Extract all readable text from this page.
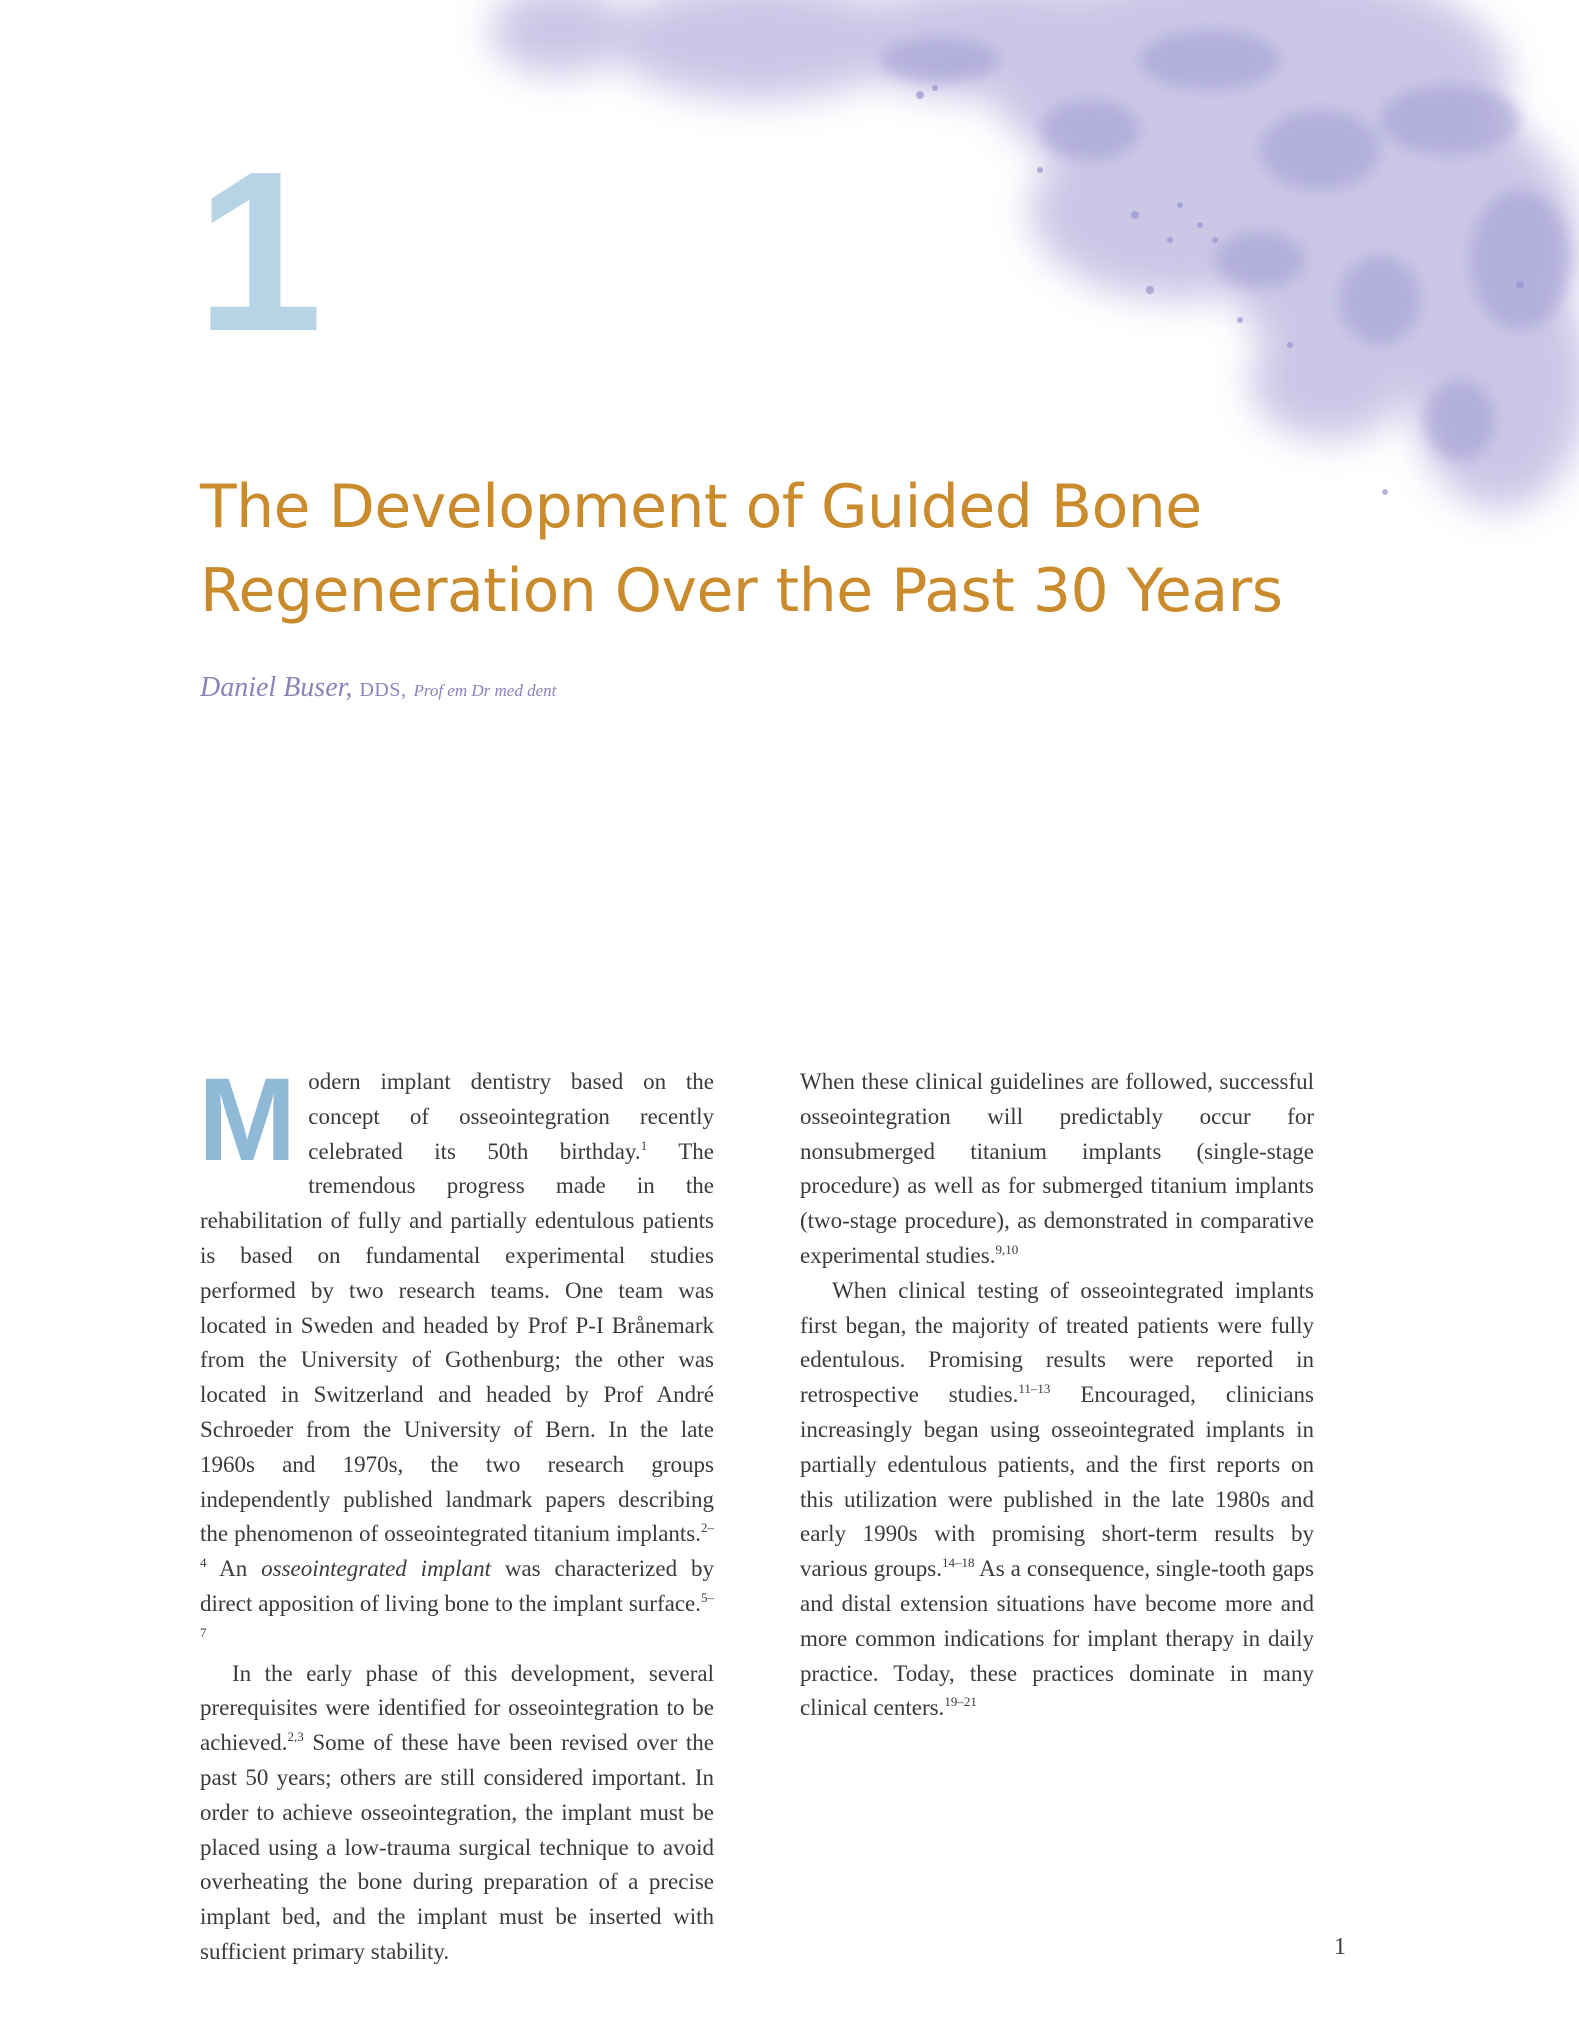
1
The Development of Guided Bone
Regeneration Over the Past 30 Years
Daniel Buser, DDS, Prof em Dr med dent

Modern implant dentistry based on the concept of osseointegration recently celebrated its 50th birthday.$^1$ The tremendous progress made in the rehabilitation of fully and partially edentulous patients is based on fundamental experimental studies performed by two research teams. One team was located in Sweden and headed by Prof P-I Brånemark from the University of Gothenburg; the other was located in Switzerland and headed by Prof André Schroeder from the University of Bern. In the late 1960s and 1970s, the two research groups independently published landmark papers describing the phenomenon of osseointegrated titanium implants.$^{2-4}$ An osseointegrated implant was characterized by direct apposition of living bone to the implant surface.$^{5-7}$

In the early phase of this development, several prerequisites were identified for osseointegration to be achieved.$^{2,3}$ Some of these have been revised over the past 50 years; others are still considered important. In order to achieve osseointegration, the implant must be placed using a low-trauma surgical technique to avoid overheating the bone during preparation of a precise implant bed, and the implant must be inserted with sufficient primary stability.

When these clinical guidelines are followed, successful osseointegration will predictably occur for nonsubmerged titanium implants (single-stage procedure) as well as for submerged titanium implants (two-stage procedure), as demonstrated in comparative experimental studies.$^{9,10}$

When clinical testing of osseointegrated implants first began, the majority of treated patients were fully edentulous. Promising results were reported in retrospective studies.$^{11-13}$ Encouraged, clinicians increasingly began using osseointegrated implants in partially edentulous patients, and the first reports on this utilization were published in the late 1980s and early 1990s with promising short-term results by various groups.$^{14-18}$ As a consequence, single-tooth gaps and distal extension situations have become more and more common indications for implant therapy in daily practice. Today, these practices dominate in many clinical centers.$^{19-21}$

1
